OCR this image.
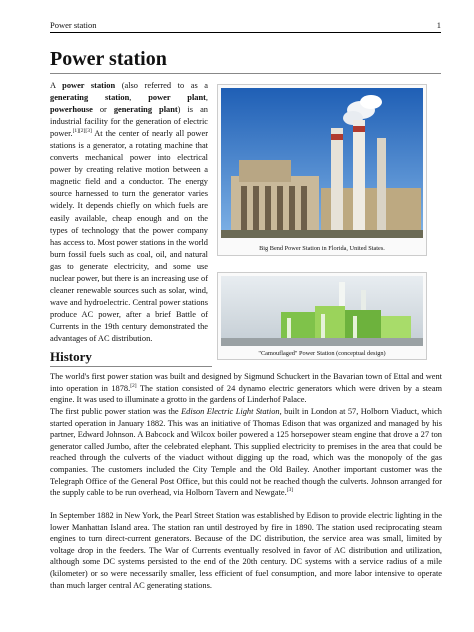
Power station	1
Power station
A power station (also referred to as a generating station, power plant, powerhouse or generating plant) is an industrial facility for the generation of electric power.[1][2][3] At the center of nearly all power stations is a generator, a rotating machine that converts mechanical power into electrical power by creating relative motion between a magnetic field and a conductor. The energy source harnessed to turn the generator varies widely. It depends chiefly on which fuels are easily available, cheap enough and on the types of technology that the power company has access to. Most power stations in the world burn fossil fuels such as coal, oil, and natural gas to generate electricity, and some use nuclear power, but there is an increasing use of cleaner renewable sources such as solar, wind, wave and hydroelectric. Central power stations produce AC power, after a brief Battle of Currents in the 19th century demonstrated the advantages of AC distribution.
Big Bend Power Station in Florida, United States.
"Camouflaged" Power Station (conceptual design)
History
The world's first power station was built and designed by Sigmund Schuckert in the Bavarian town of Ettal and went into operation in 1878.[2] The station consisted of 24 dynamo electric generators which were driven by a steam engine. It was used to illuminate a grotto in the gardens of Linderhof Palace.
The first public power station was the Edison Electric Light Station, built in London at 57, Holborn Viaduct, which started operation in January 1882. This was an initiative of Thomas Edison that was organized and managed by his partner, Edward Johnson. A Babcock and Wilcox boiler powered a 125 horsepower steam engine that drove a 27 ton generator called Jumbo, after the celebrated elephant. This supplied electricity to premises in the area that could be reached through the culverts of the viaduct without digging up the road, which was the monopoly of the gas companies. The customers included the City Temple and the Old Bailey. Another important customer was the Telegraph Office of the General Post Office, but this could not be reached though the culverts. Johnson arranged for the supply cable to be run overhead, via Holborn Tavern and Newgate.[3]
In September 1882 in New York, the Pearl Street Station was established by Edison to provide electric lighting in the lower Manhattan Island area. The station ran until destroyed by fire in 1890. The station used reciprocating steam engines to turn direct-current generators. Because of the DC distribution, the service area was small, limited by voltage drop in the feeders. The War of Currents eventually resolved in favor of AC distribution and utilization, although some DC systems persisted to the end of the 20th century. DC systems with a service radius of a mile (kilometer) or so were necessarily smaller, less efficient of fuel consumption, and more labor intensive to operate than much larger central AC generating stations.
